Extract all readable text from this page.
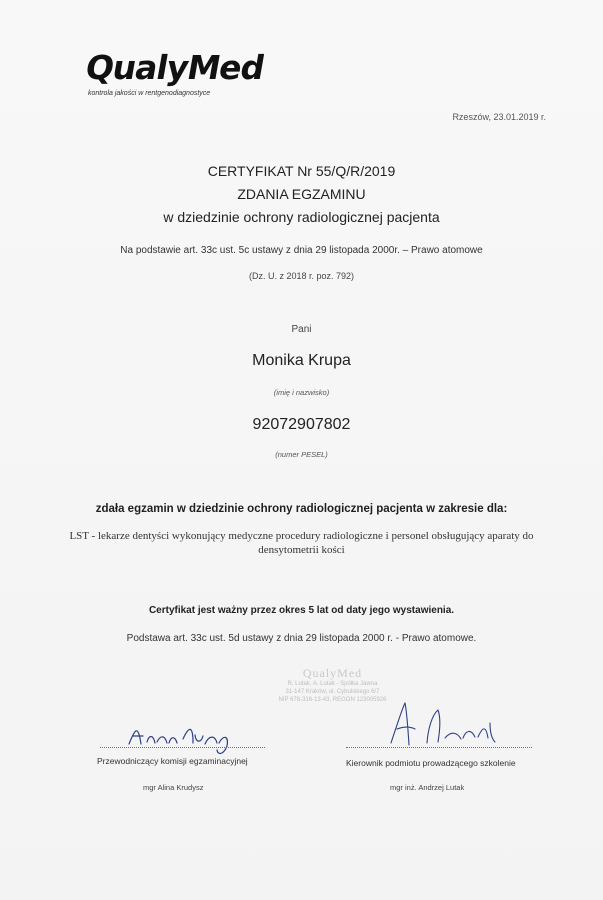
QualyMed
kontrola jakości w rentgenodiagnostyce
Rzeszów, 23.01.2019 r.
CERTYFIKAT Nr 55/Q/R/2019
ZDANIA EGZAMINU
w dziedzinie ochrony radiologicznej pacjenta
Na podstawie art. 33c ust. 5c ustawy z dnia 29 listopada 2000r. – Prawo atomowe
(Dz. U. z 2018 r. poz. 792)
Pani
Monika Krupa
(imię i nazwisko)
92072907802
(numer PESEL)
zdała egzamin w dziedzinie ochrony radiologicznej pacjenta w zakresie dla:
LST - lekarze dentyści wykonujący medyczne procedury radiologiczne i personel obsługujący aparaty do densytometrii kości
Certyfikat jest ważny przez okres 5 lat od daty jego wystawienia.
Podstawa art. 33c ust. 5d ustawy z dnia 29 listopada 2000 r. - Prawo atomowe.
QualyMed
R. Lutak, A. Lutak - Spółka Jawna
31-147 Kraków, ul. Cybulskiego 6/7
NIP 678-316-13-43, REGON 123005926
Przewodniczący komisji egzaminacyjnej	Kierownik podmiotu prowadzącego szkolenie
mgr Alina Krudysz	mgr inż. Andrzej Lutak
